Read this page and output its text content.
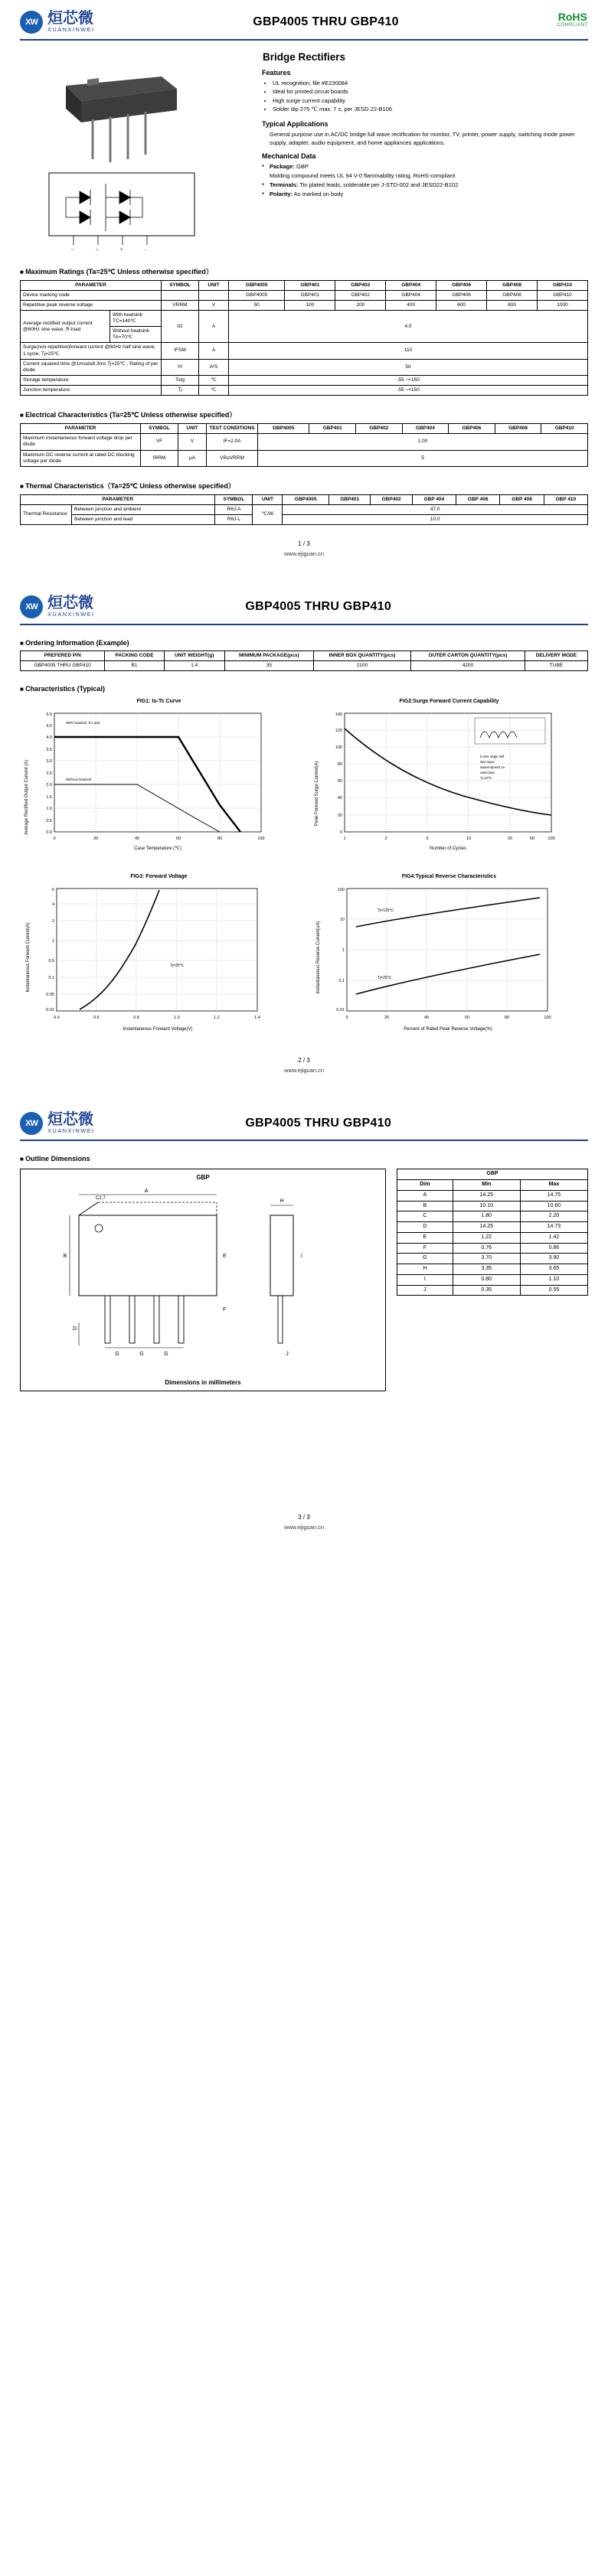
XW 烜芯微
XUANXINWEI
GBP4005 THRU GBP410	RoHS
COMPLIANT
Bridge Rectifiers
~	~	+	-
Features
• UL recognition, file #E230084
• Ideal for printed circuit boards
• High surge current capability
• Solder dip 275 ℃ max. 7 s, per JESD 22-B106
Typical Applications
General purpose use in AC/DC bridge full wave rectification for monitor, TV, printer, power supply, switching mode power supply, adapter, audio equipment, and home appliances applications.
Mechanical Data
● Package: GBP
Molding compound meets UL 94 V-0 flammability rating, RoHS-compliant
● Terminals: Tin plated leads, solderable per J-STD-002 and JESD22-B102
● Polarity: As marked on body
■ Maximum Ratings (Ta=25℃ Unless otherwise specified）
PARAMETER		SYMBOL	UNIT	GBP4005	GBP401	GBP402	GBP404	GBP406	GBP408	GBP410
Device marking code				GBP4005	GBP401	GBP402	GBP404	GBP406	GBP408	GBP410
Repetitive peak reverse voltage		VRRM	V	50	100	200	400	600	800	1000
Average rectified output current @60Hz sine wave, R-load	With heatsink TC=140℃	IO	A	4.0						
	Without heatsink TA=70℃									
Surge(non-repetitive)forward current @60Hz half sine wave, 1 cycle, Tj=25℃		IFSM	A	110						
Current squared time @1ms≤t≤8.3ms Tj=25℃ , Rating of per diode		I²t	A²S	50						
Storage temperature		Tstg	℃	-55 ~+150						
Junction temperature		Tj	℃	-55 ~+150						
■ Electrical Characteristics (Ta=25℃ Unless otherwise specified）
PARAMETER	SYMBOL	UNIT	TEST CONDITIONS	GBP4005	GBP401	GBP402	GBP404	GBP406	GBP408	GBP410
Maximum instantaneous forward voltage drop per diode	VF	V	IF=2.0A	1.00						
Maximum DC reverse current at rated DC blocking voltage per diode	IRRM	μA	VR≤VRRM	5						
■ Thermal Characteristics（Ta=25℃ Unless otherwise specified）
PARAMETER		SYMBOL	UNIT	GBP4005	GBP401	GBP402	GBP 404	GBP 406	GBP 408	GBP 410
Thermal Resistance	Between junction and ambient	RθJ-A	℃/W	47.0						
	Between junction and lead	RθJ-L		10.0						
1 / 3
www.ejiguan.cn
XW 烜芯微
XUANXINWEI
GBP4005 THRU GBP410
■ Ordering Information (Example)
PREFERED P/N	PACKING CODE	UNIT WEIGHT(g)	MINIMUM PACKAGE(pcs)	INNER BOX QUANTITY(pcs)	OUTER CARTON QUANTITY(pcs)	DELIVERY MODE
GBP4005 THRU GBP410	B1	1.4	35	2100	4200	TUBE
■ Characteristics (Typical)
FIG1: Io-Tc Curve
0.0
0.5
1.0
1.5
2.0
2.5
3.0
3.5
4.0
4.5
5.0
0	20	40	60	80	100
Average Rectified Output Current (A)
Case Temperature (℃)
With heatsink, R-Load
Without heatsink
FIG2:Surge Forward Current Capability
0
20
40
60
80
100
120
140
1	2	5	10	20	50	100
Peak Forward Surge Current(A)
Number of Cycles
8.3ms single half
sine-wave
superimposed on
rated load
Tj=25℃
FIG3: Forward Voltage
6
4
2
1
0.5
0.1
0.05
0.01
0.4	0.6	0.8	1.0	1.2	1.4
Instantaneous Forward Current(A)
Instantaneous Forward Voltage(V)
Tj=25℃
FIG4:Typical Reverse Characteristics
100
10
1
0.1
0.01
0	20	40	60	80	100
Tj=125℃
Tj=25℃
Instantaneous Reverse Current(uA)
Percent of Rated Peak Reverse Voltage(%)
2 / 3
www.ejiguan.cn
XW 烜芯微
XUANXINWEI
GBP4005 THRU GBP410
■ Outline Dimensions
GBP
A
B
C2.7
E
F
D
G	G	G
H
I
J
Dimensions in millimeters
GBP		
Dim	Min	Max
A	14.25	14.75
B	10.10	10.60
C	1.80	2.20
D	14.25	14.73
E	1.22	1.42
F	0.76	0.86
G	3.70	3.90
H	3.35	3.65
I	0.80	1.10
J	0.35	0.55
3 / 3
www.ejiguan.cn
